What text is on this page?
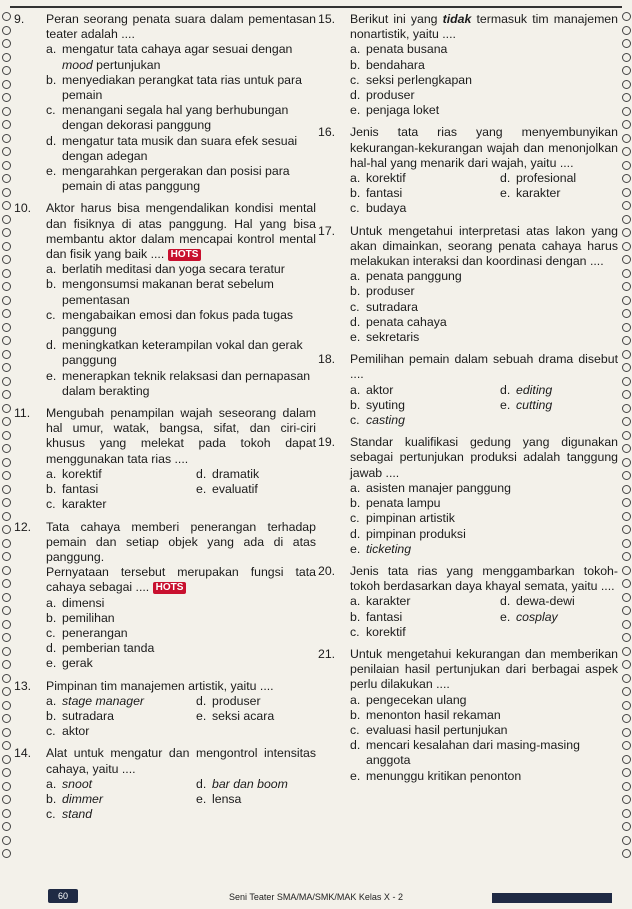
9.	Peran seorang penata suara dalam pementasan teater adalah ....
a. mengatur tata cahaya agar sesuai dengan mood pertunjukan
b. menyediakan perangkat tata rias untuk para pemain
c. menangani segala hal yang berhubungan dengan dekorasi panggung
d. mengatur tata musik dan suara efek sesuai dengan adegan
e. mengarahkan pergerakan dan posisi para pemain di atas panggung
10.	Aktor harus bisa mengendalikan kondisi mental dan fisiknya di atas panggung. Hal yang bisa membantu aktor dalam mencapai kontrol mental dan fisik yang baik .... HOTS
a. berlatih meditasi dan yoga secara teratur
b. mengonsumsi makanan berat sebelum pementasan
c. mengabaikan emosi dan fokus pada tugas panggung
d. meningkatkan keterampilan vokal dan gerak panggung
e. menerapkan teknik relaksasi dan pernapasan dalam berakting
11.	Mengubah penampilan wajah seseorang dalam hal umur, watak, bangsa, sifat, dan ciri-ciri khusus yang melekat pada tokoh dapat menggunakan tata rias ....
a. korektif	d. dramatik
b. fantasi	e. evaluatif
c. karakter
12.	Tata cahaya memberi penerangan terhadap pemain dan setiap objek yang ada di atas panggung.
Pernyataan tersebut merupakan fungsi tata cahaya sebagai .... HOTS
a. dimensi
b. pemilihan
c. penerangan
d. pemberian tanda
e. gerak
13.	Pimpinan tim manajemen artistik, yaitu ....
a. stage manager	d. produser
b. sutradara	e. seksi acara
c. aktor
14.	Alat untuk mengatur dan mengontrol intensitas cahaya, yaitu ....
a. snoot	d. bar dan boom
b. dimmer	e. lensa
c. stand
15.	Berikut ini yang tidak termasuk tim manajemen nonartistik, yaitu ....
a. penata busana
b. bendahara
c. seksi perlengkapan
d. produser
e. penjaga loket
16.	Jenis tata rias yang menyembunyikan kekurangan-kekurangan wajah dan menonjolkan hal-hal yang menarik dari wajah, yaitu ....
a. korektif	d. profesional
b. fantasi	e. karakter
c. budaya
17.	Untuk mengetahui interpretasi atas lakon yang akan dimainkan, seorang penata cahaya harus melakukan interaksi dan koordinasi dengan ....
a. penata panggung
b. produser
c. sutradara
d. penata cahaya
e. sekretaris
18.	Pemilihan pemain dalam sebuah drama disebut ....
a. aktor	d. editing
b. syuting	e. cutting
c. casting
19.	Standar kualifikasi gedung yang digunakan sebagai pertunjukan produksi adalah tanggung jawab ....
a. asisten manajer panggung
b. penata lampu
c. pimpinan artistik
d. pimpinan produksi
e. ticketing
20.	Jenis tata rias yang menggambarkan tokoh-tokoh berdasarkan daya khayal semata, yaitu ....
a. karakter	d. dewa-dewi
b. fantasi	e. cosplay
c. korektif
21.	Untuk mengetahui kekurangan dan memberikan penilaian hasil pertunjukan dari berbagai aspek perlu dilakukan ....
a. pengecekan ulang
b. menonton hasil rekaman
c. evaluasi hasil pertunjukan
d. mencari kesalahan dari masing-masing anggota
e. menunggu kritikan penonton
60	Seni Teater SMA/MA/SMK/MAK Kelas X - 2
